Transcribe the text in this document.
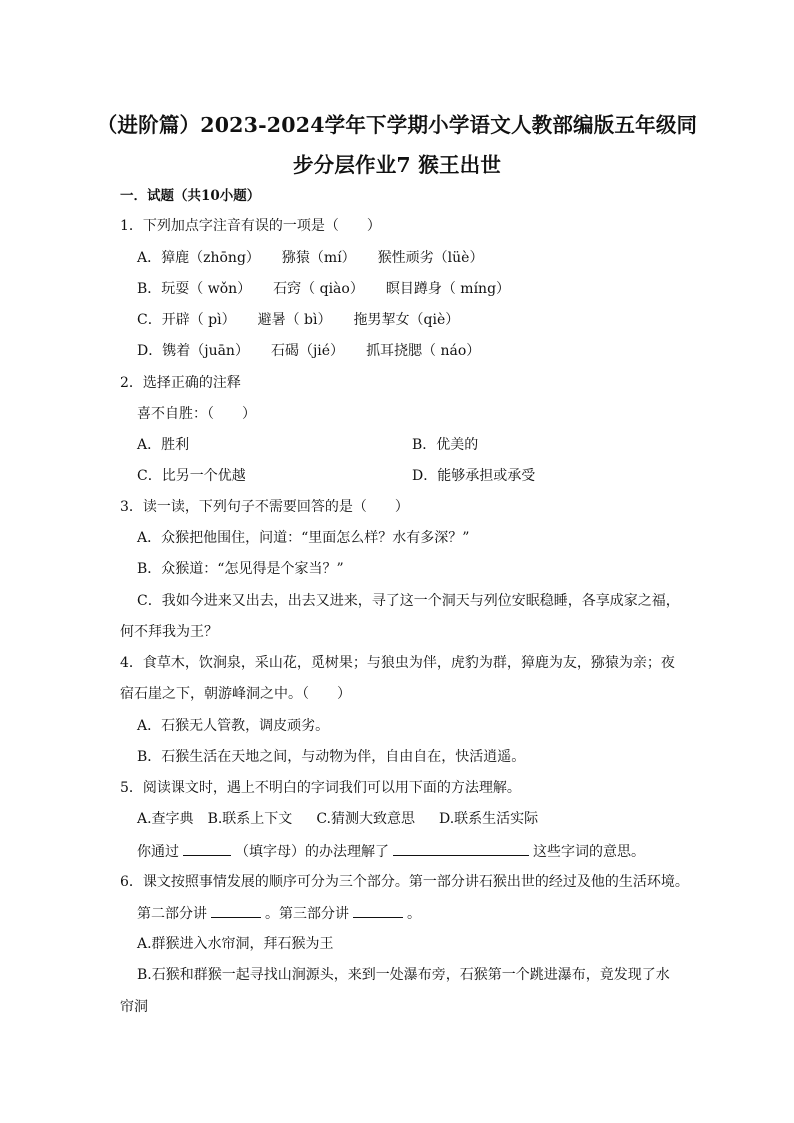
（进阶篇）2023-2024学年下学期小学语文人教部编版五年级同
步分层作业7 猴王出世
一．试题（共10小题）
1．下列加点字注音有误的一项是（　　）
A．獐鹿（zhōng） 猕猿（mí） 猴性顽劣（lüè）
B．玩耍（ wǒn） 石窍（ qiào） 瞑目蹲身（ míng）
C．开辟（ pì） 避暑（ bì） 拖男挈女（qiè）
D．镌着（juān） 石碣（jié） 抓耳挠腮（ náo）
2．选择正确的注释
喜不自胜：（　　）
A．胜利	B．优美的
C．比另一个优越	D．能够承担或承受
3．读一读，下列句子不需要回答的是（　　）
A．众猴把他围住，问道：“里面怎么样？水有多深？”
B．众猴道：“怎见得是个家当？”
C．我如今进来又出去，出去又进来，寻了这一个洞天与列位安眠稳睡，各享成家之福，
何不拜我为王？
4．食草木，饮涧泉，采山花，觅树果；与狼虫为伴，虎豹为群，獐鹿为友，猕猿为亲；夜
宿石崖之下，朝游峰洞之中。（　　）
A．石猴无人管教，调皮顽劣。
B．石猴生活在天地之间，与动物为伴，自由自在，快活逍遥。
5．阅读课文时，遇上不明白的字词我们可以用下面的方法理解。
A.查字典 B.联系上下文 C.猜测大致意思 D.联系生活实际
你通过	（填字母）的办法理解了	这些字词的意思。
6．课文按照事情发展的顺序可分为三个部分。第一部分讲石猴出世的经过及他的生活环境。
第二部分讲	。第三部分讲	。
A.群猴进入水帘洞，拜石猴为王
B.石猴和群猴一起寻找山涧源头，来到一处瀑布旁，石猴第一个跳进瀑布，竟发现了水
帘洞
